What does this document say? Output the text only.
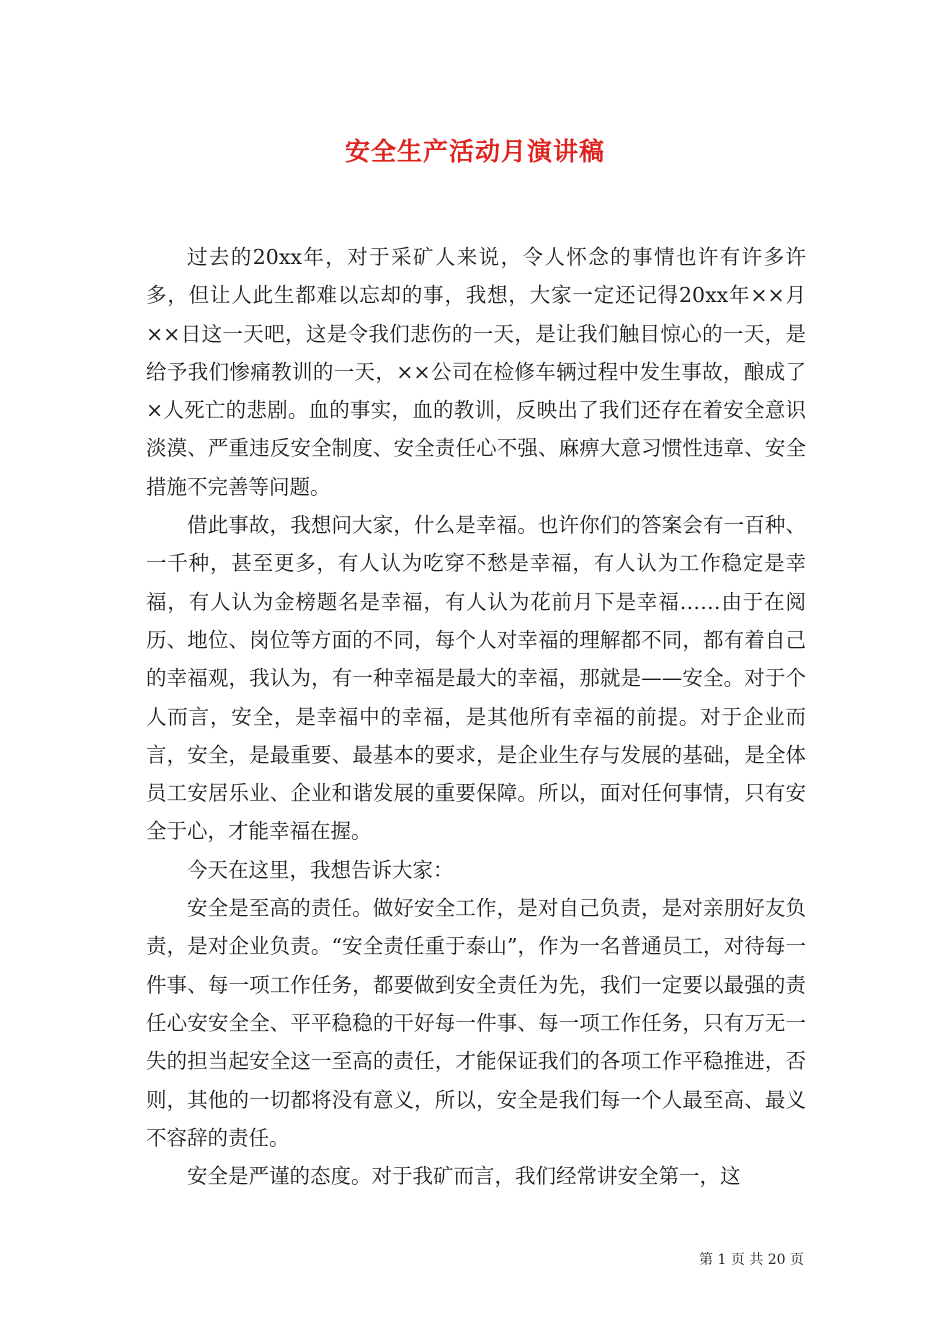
安全生产活动月演讲稿

过去的20xx年，对于采矿人来说，令人怀念的事情也许有许多许多，但让人此生都难以忘却的事，我想，大家一定还记得20xx年××月××日这一天吧，这是令我们悲伤的一天，是让我们触目惊心的一天，是给予我们惨痛教训的一天，××公司在检修车辆过程中发生事故，酿成了×人死亡的悲剧。血的事实，血的教训，反映出了我们还存在着安全意识淡漠、严重违反安全制度、安全责任心不强、麻痹大意习惯性违章、安全措施不完善等问题。

借此事故，我想问大家，什么是幸福。也许你们的答案会有一百种、一千种，甚至更多，有人认为吃穿不愁是幸福，有人认为工作稳定是幸福，有人认为金榜题名是幸福，有人认为花前月下是幸福……由于在阅历、地位、岗位等方面的不同，每个人对幸福的理解都不同，都有着自己的幸福观，我认为，有一种幸福是最大的幸福，那就是——安全。对于个人而言，安全，是幸福中的幸福，是其他所有幸福的前提。对于企业而言，安全，是最重要、最基本的要求，是企业生存与发展的基础，是全体员工安居乐业、企业和谐发展的重要保障。所以，面对任何事情，只有安全于心，才能幸福在握。

今天在这里，我想告诉大家：

安全是至高的责任。做好安全工作，是对自己负责，是对亲朋好友负责，是对企业负责。“安全责任重于泰山”，作为一名普通员工，对待每一件事、每一项工作任务，都要做到安全责任为先，我们一定要以最强的责任心安安全全、平平稳稳的干好每一件事、每一项工作任务，只有万无一失的担当起安全这一至高的责任，才能保证我们的各项工作平稳推进，否则，其他的一切都将没有意义，所以，安全是我们每一个人最至高、最义不容辞的责任。

安全是严谨的态度。对于我矿而言，我们经常讲安全第一，这

第 1 页 共 20 页
